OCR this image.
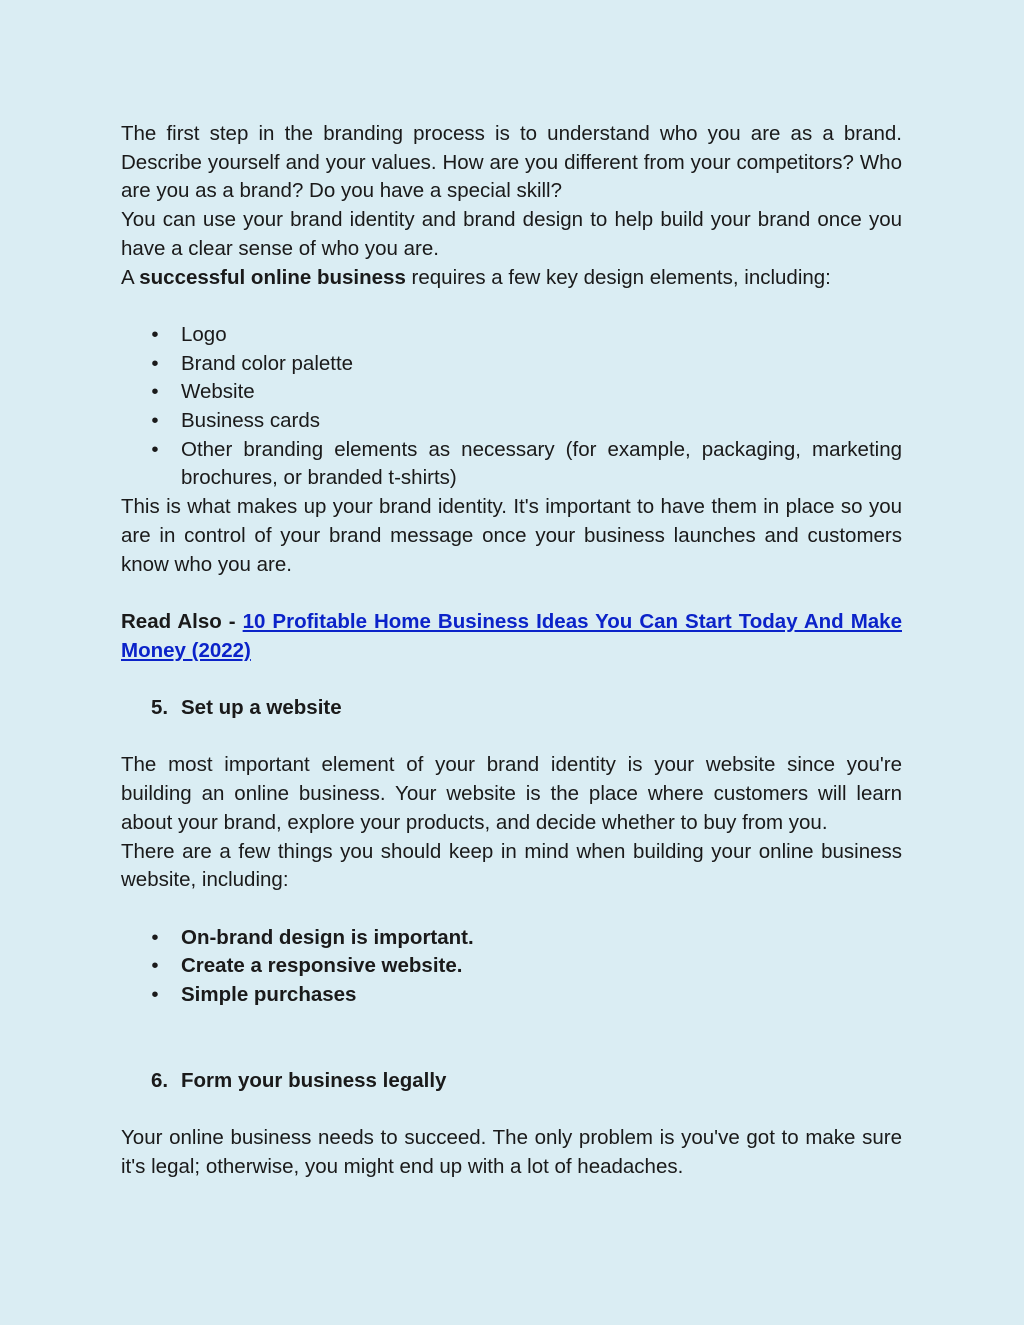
The first step in the branding process is to understand who you are as a brand. Describe yourself and your values. How are you different from your competitors? Who are you as a brand? Do you have a special skill?

You can use your brand identity and brand design to help build your brand once you have a clear sense of who you are.

A successful online business requires a few key design elements, including:

• Logo
• Brand color palette
• Website
• Business cards
• Other branding elements as necessary (for example, packaging, marketing brochures, or branded t-shirts)

This is what makes up your brand identity. It's important to have them in place so you are in control of your brand message once your business launches and customers know who you are.

Read Also - 10 Profitable Home Business Ideas You Can Start Today And Make Money (2022)

5. Set up a website

The most important element of your brand identity is your website since you're building an online business. Your website is the place where customers will learn about your brand, explore your products, and decide whether to buy from you.

There are a few things you should keep in mind when building your online business website, including:

• On-brand design is important.
• Create a responsive website.
• Simple purchases
6. Form your business legally

Your online business needs to succeed. The only problem is you've got to make sure it's legal; otherwise, you might end up with a lot of headaches.
